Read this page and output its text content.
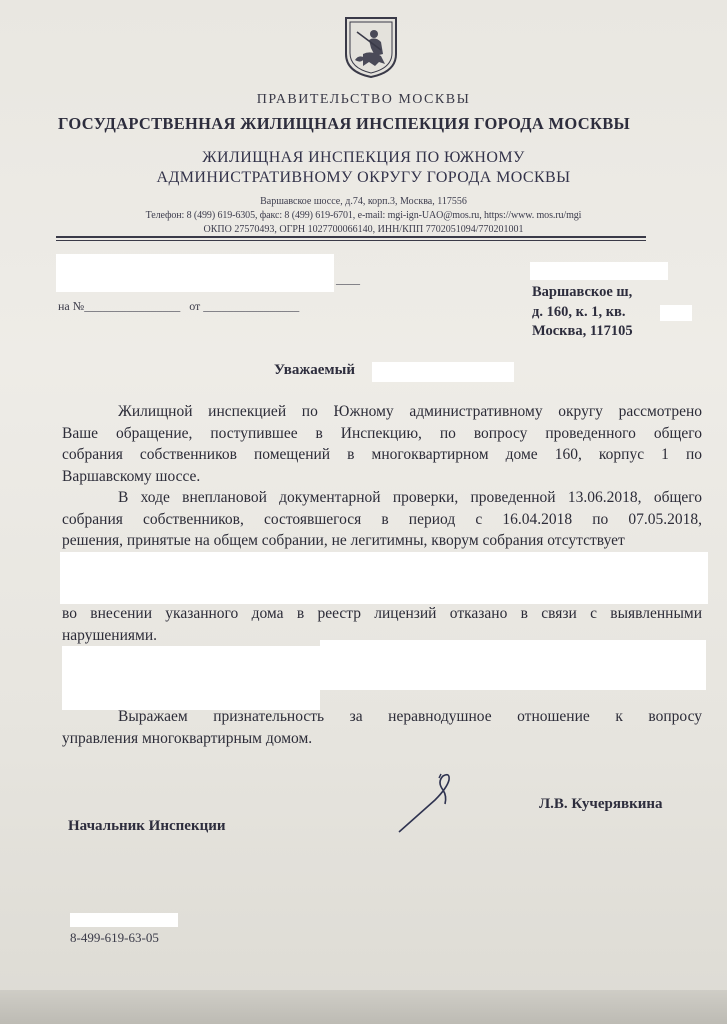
ПРАВИТЕЛЬСТВО МОСКВЫ
ГОСУДАРСТВЕННАЯ ЖИЛИЩНАЯ ИНСПЕКЦИЯ ГОРОДА МОСКВЫ
ЖИЛИЩНАЯ ИНСПЕКЦИЯ ПО ЮЖНОМУ
АДМИНИСТРАТИВНОМУ ОКРУГУ ГОРОДА МОСКВЫ
Варшавское шоссе, д.74, корп.3, Москва, 117556
Телефон: 8 (499) 619-6305, факс: 8 (499) 619-6701, e-mail: mgi-ign-UAO@mos.ru, https://www. mos.ru/mgi
ОКПО 27570493, ОГРН 1027700066140, ИНН/КПП 7702051094/770201001
____
на №________________ от ________________
Варшавское ш,
д. 160, к. 1, кв.
Москва, 117105
Уважаемый
Жилищной инспекцией по Южному административному округу рассмотрено
Ваше обращение, поступившее в Инспекцию, по вопросу проведенного общего
собрания собственников помещений в многоквартирном доме 160, корпус 1 по
Варшавскому шоссе.
В ходе внеплановой документарной проверки, проведенной 13.06.2018, общего
собрания собственников, состоявшегося в период с 16.04.2018 по 07.05.2018,
решения, принятые на общем собрании, не легитимны, кворум собрания отсутствует
во внесении указанного дома в реестр лицензий отказано в связи с выявленными
нарушениями.
Выражаем признательность за неравнодушное отношение к вопросу
управления многоквартирным домом.
Л.В. Кучерявкина
Начальник Инспекции
8-499-619-63-05
